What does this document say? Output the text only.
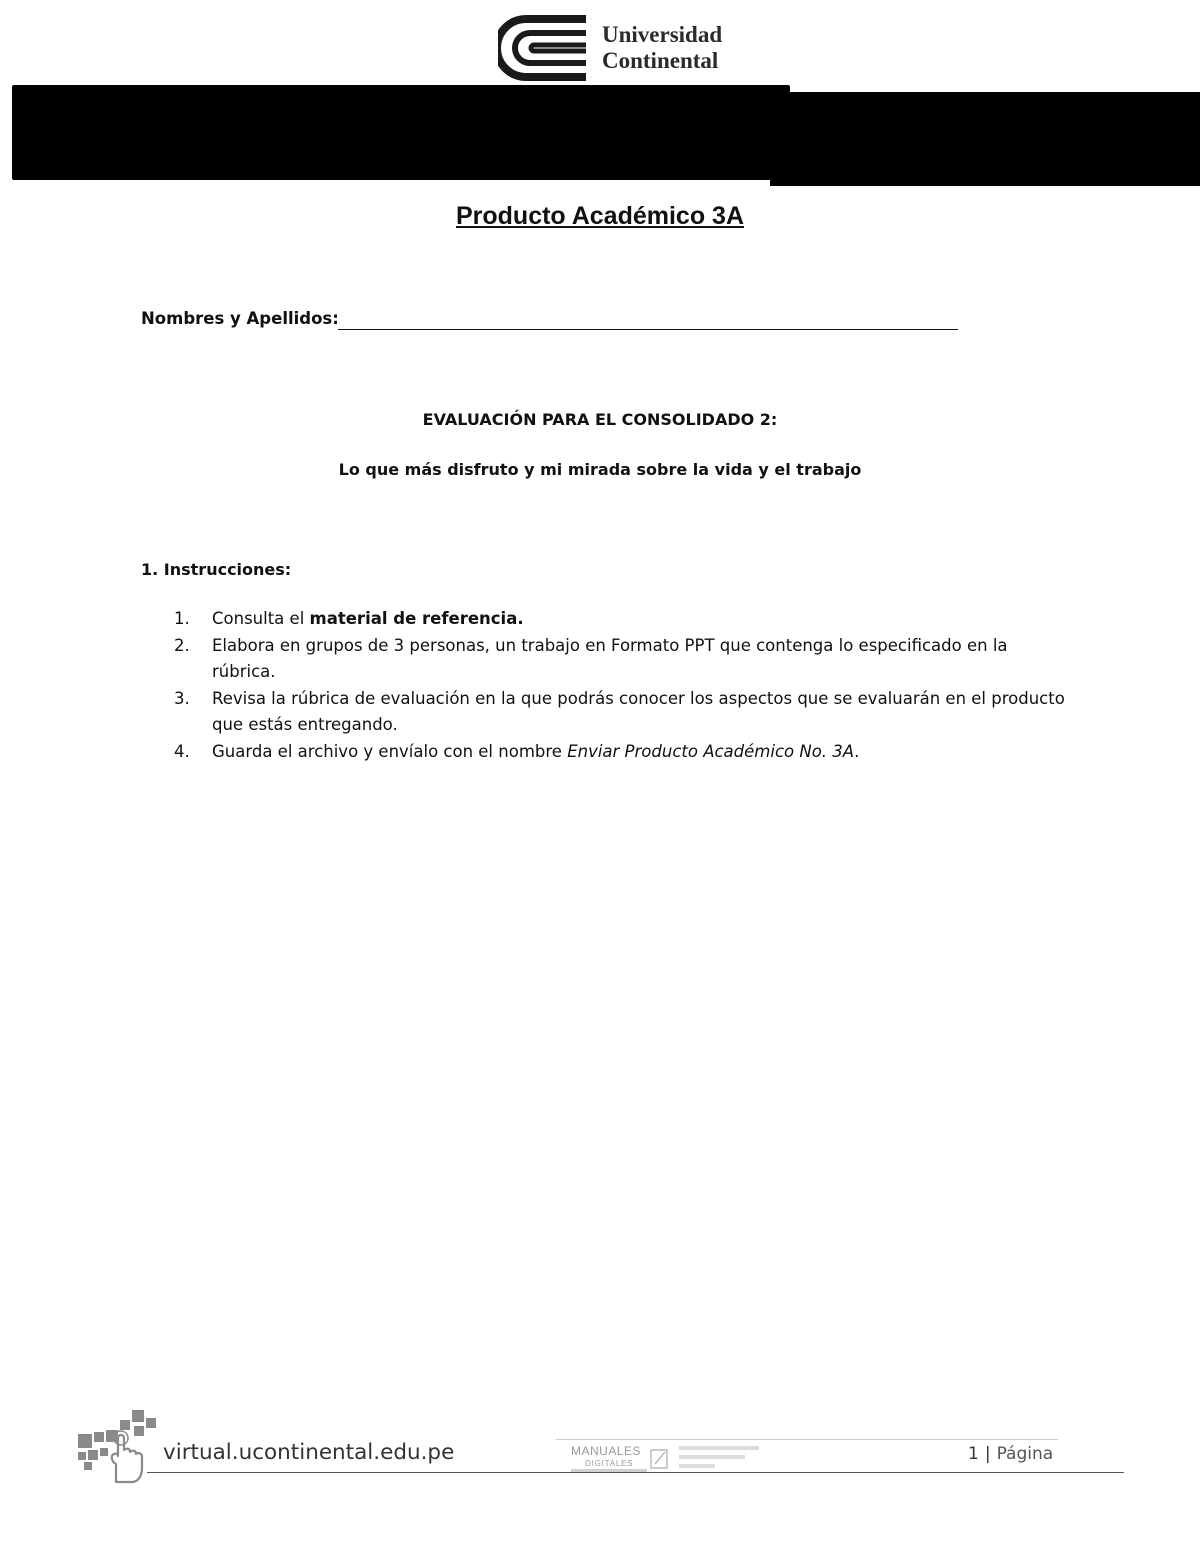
Universidad
Continental
Producto Académico 3A
Nombres y Apellidos:
EVALUACIÓN PARA EL CONSOLIDADO 2:
Lo que más disfruto y mi mirada sobre la vida y el trabajo
1. Instrucciones:
1. Consulta el material de referencia.
2. Elabora en grupos de 3 personas, un trabajo en Formato PPT que contenga lo especificado en la rúbrica.
3. Revisa la rúbrica de evaluación en la que podrás conocer los aspectos que se evaluarán en el producto que estás entregando.
4. Guarda el archivo y envíalo con el nombre Enviar Producto Académico No. 3A.
virtual.ucontinental.edu.pe	MANUALES
DIGITALES	1 | Página
